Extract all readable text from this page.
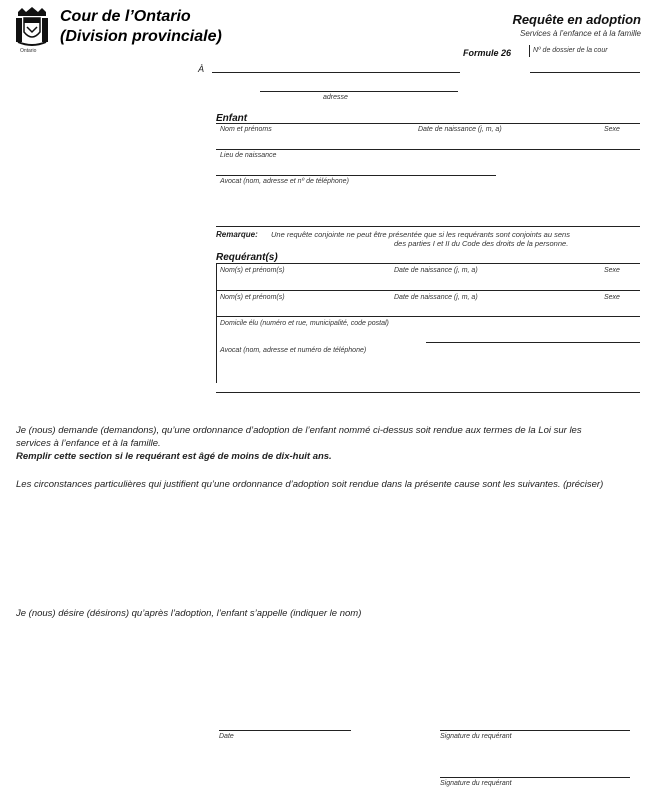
Ontario
Cour de l’Ontario
(Division provinciale)
Requête en adoption
Services à l’enfance et à la famille
Formule 26	Nº de dossier de la cour
À
adresse
Enfant
Nom et prénoms	Date de naissance (j, m, a)	Sexe
Lieu de naissance
Avocat (nom, adresse et nº de téléphone)
Remarque: Une requête conjointe ne peut être présentée que si les requérants sont conjoints au sens
des parties I et II du Code des droits de la personne.
Requérant(s)
Nom(s) et prénom(s)	Date de naissance (j, m, a)	Sexe
Nom(s) et prénom(s)	Date de naissance (j, m, a)	Sexe
Domicile élu (numéro et rue, municipalité, code postal)
Avocat (nom, adresse et numéro de téléphone)
Je (nous) demande (demandons), qu’une ordonnance d’adoption de l’enfant nommé ci-dessus soit rendue aux termes de la Loi sur les
services à l’enfance et à la famille.
Remplir cette section si le requérant est âgé de moins de dix-huit ans.
Les circonstances particulières qui justifient qu’une ordonnance d’adoption soit rendue dans la présente cause sont les suivantes. (préciser)
Je (nous) désire (désirons) qu’après l’adoption, l’enfant s’appelle (indiquer le nom)
Date	Signature du requérant
Signature du requérant
